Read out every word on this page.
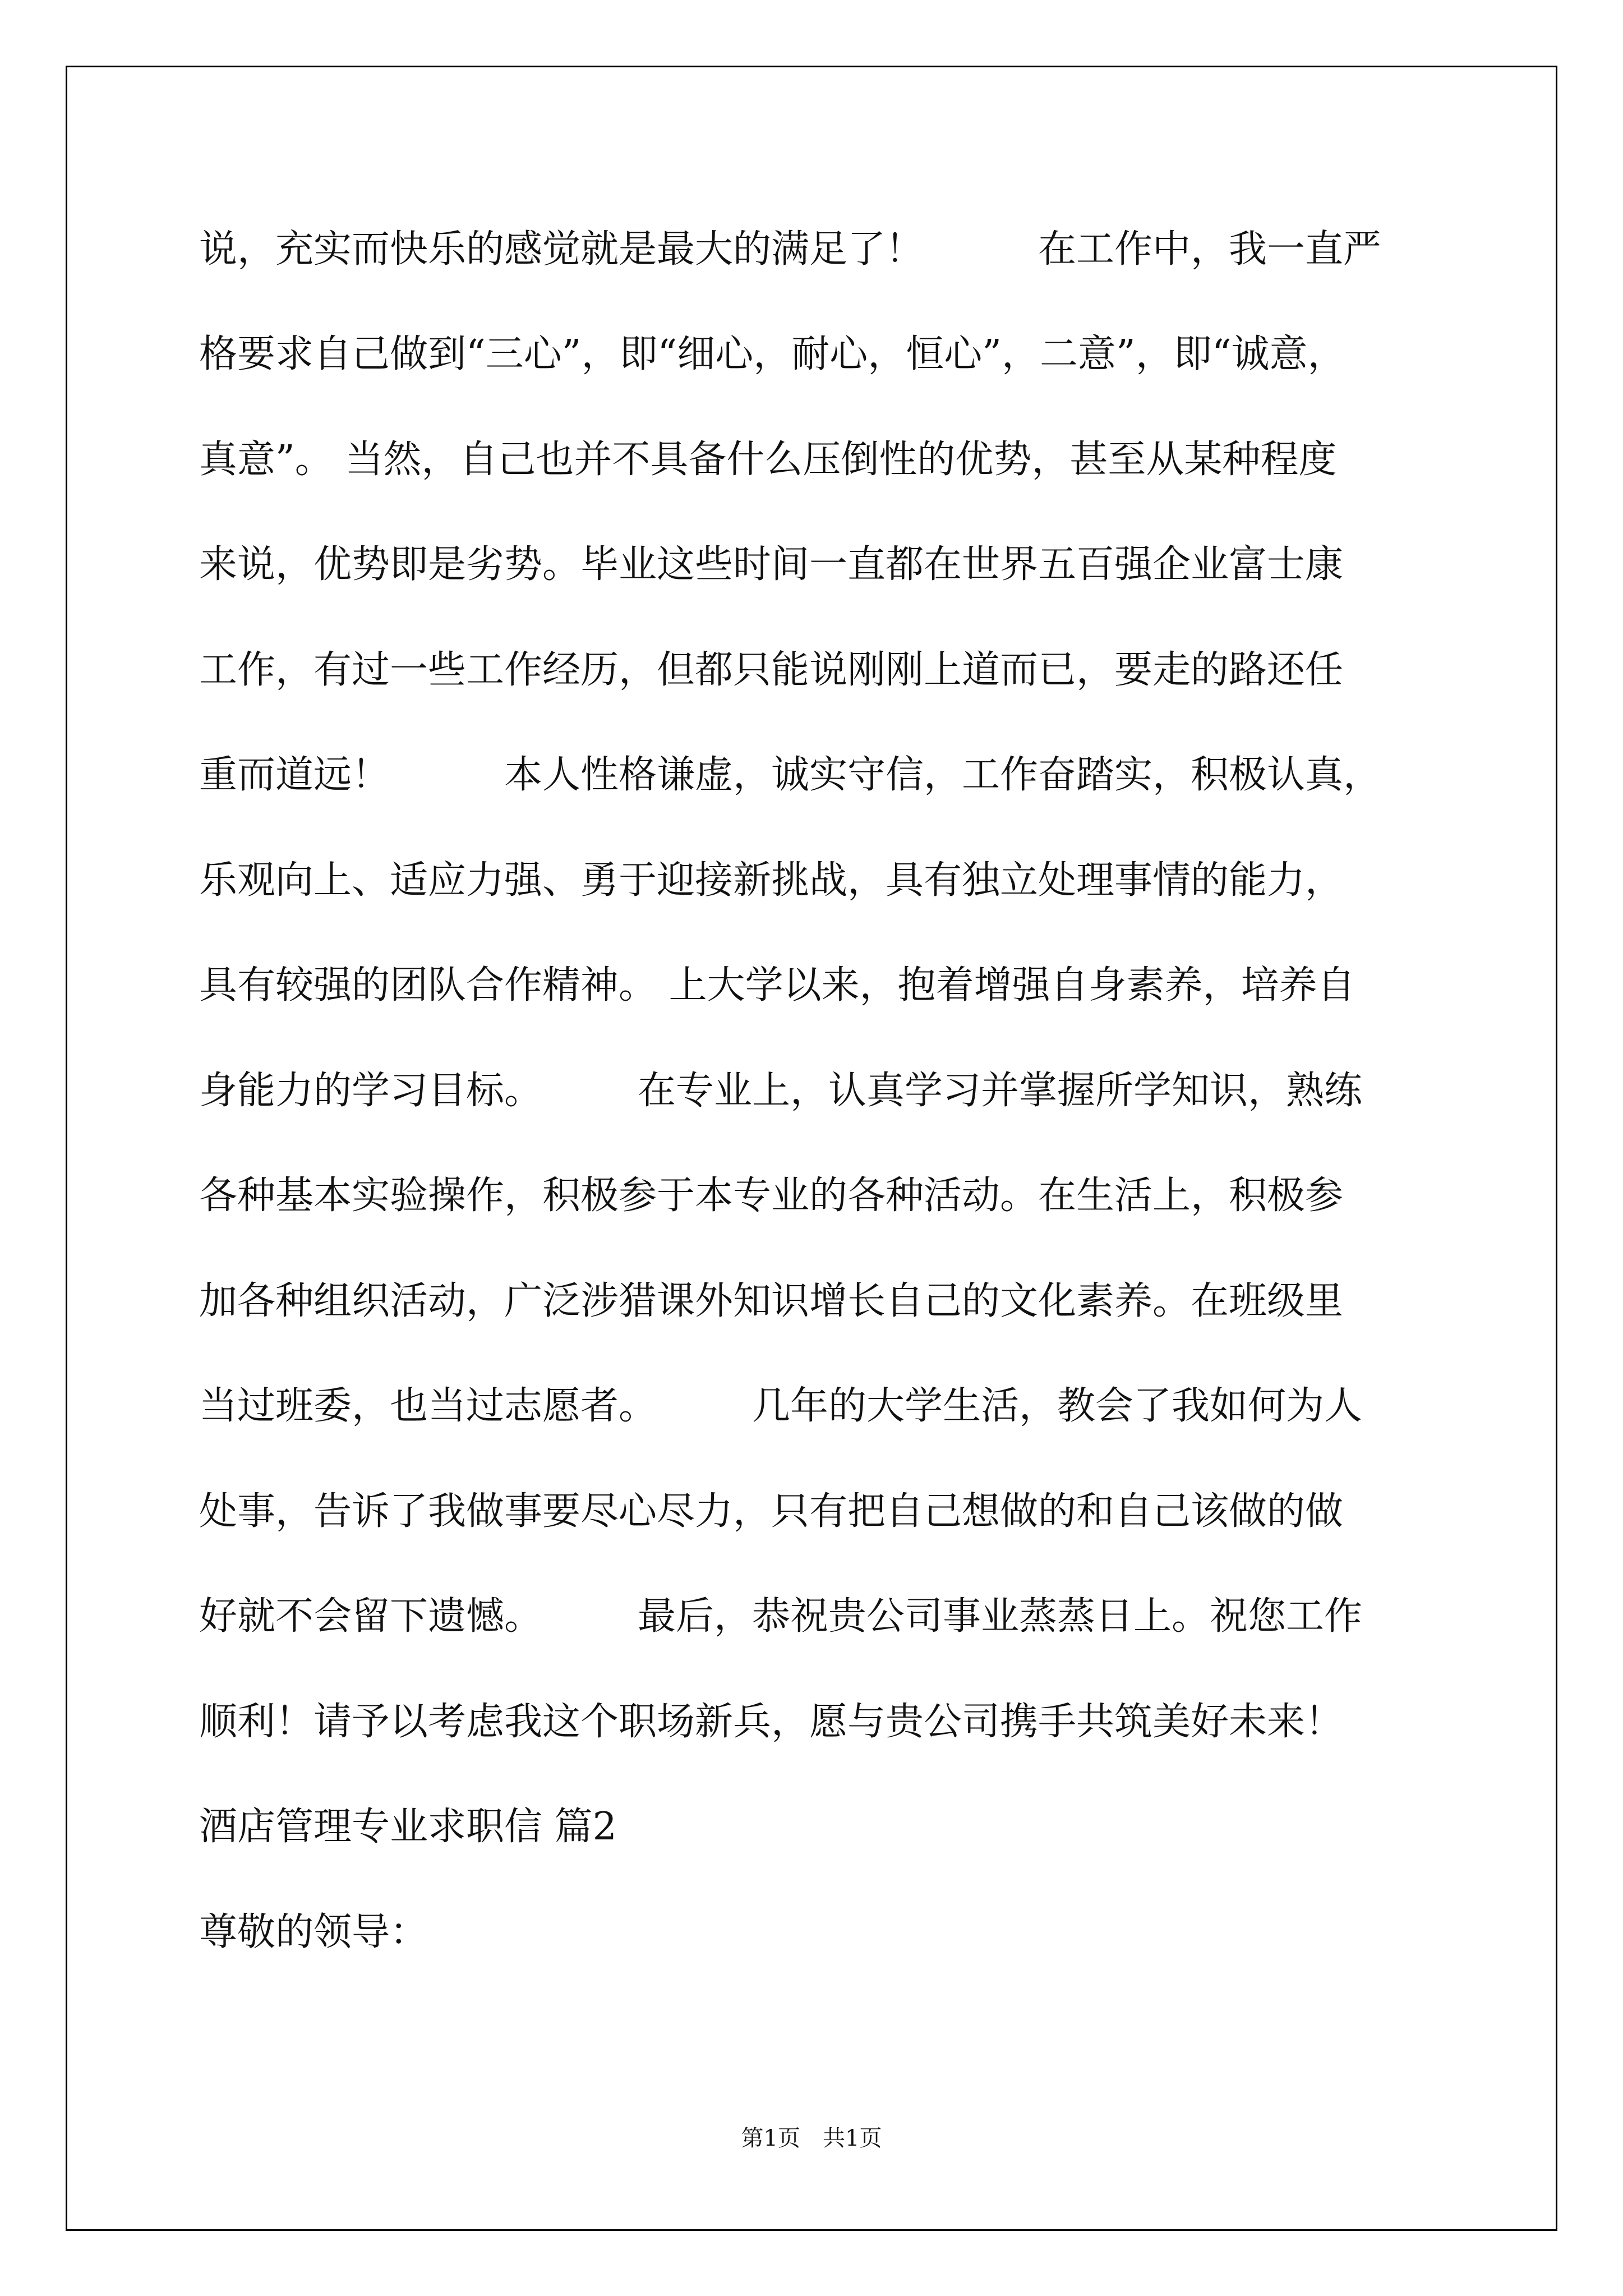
说，充实而快乐的感觉就是最大的满足了！　　　在工作中，我一直严

格要求自己做到“三心”，即“细心，耐心，恒心”，二意”，即“诚意，

真意”。 当然，自己也并不具备什么压倒性的优势，甚至从某种程度

来说，优势即是劣势。毕业这些时间一直都在世界五百强企业富士康

工作，有过一些工作经历，但都只能说刚刚上道而已，要走的路还任

重而道远！　　　本人性格谦虚，诚实守信，工作奋踏实，积极认真，

乐观向上、适应力强、勇于迎接新挑战，具有独立处理事情的能力，

具有较强的团队合作精神。 上大学以来，抱着增强自身素养，培养自

身能力的学习目标。　　　在专业上，认真学习并掌握所学知识，熟练

各种基本实验操作，积极参于本专业的各种活动。在生活上，积极参

加各种组织活动，广泛涉猎课外知识增长自己的文化素养。在班级里

当过班委，也当过志愿者。　　　几年的大学生活，教会了我如何为人

处事，告诉了我做事要尽心尽力，只有把自己想做的和自己该做的做

好就不会留下遗憾。　　　最后，恭祝贵公司事业蒸蒸日上。祝您工作

顺利！请予以考虑我这个职场新兵，愿与贵公司携手共筑美好未来！

酒店管理专业求职信 篇2

尊敬的领导：

第1页　共1页
